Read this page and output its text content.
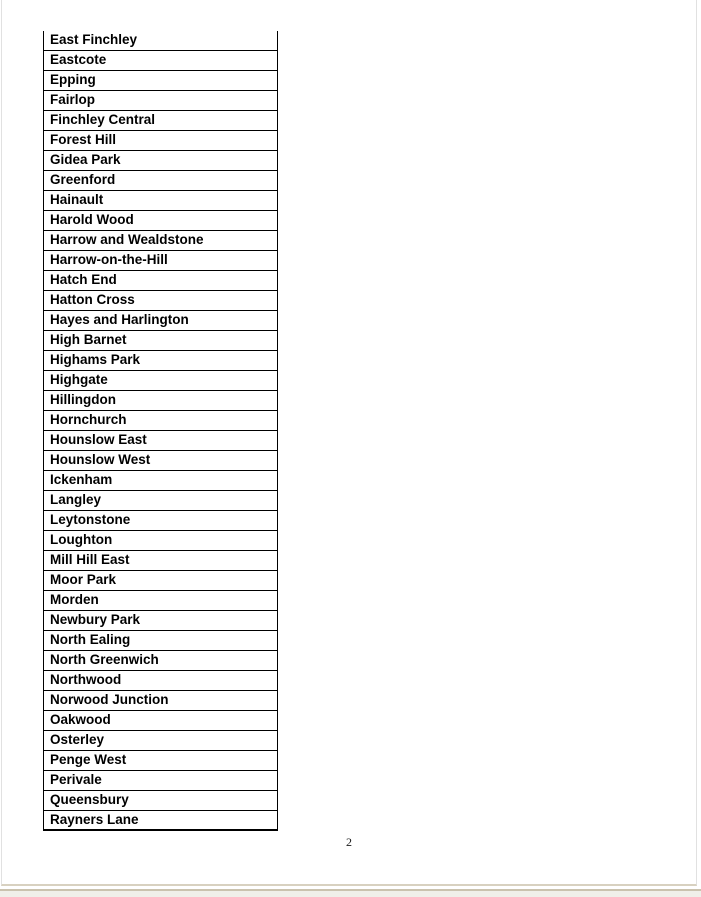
East Finchley
Eastcote
Epping
Fairlop
Finchley Central
Forest Hill
Gidea Park
Greenford
Hainault
Harold Wood
Harrow and Wealdstone
Harrow-on-the-Hill
Hatch End
Hatton Cross
Hayes and Harlington
High Barnet
Highams Park
Highgate
Hillingdon
Hornchurch
Hounslow East
Hounslow West
Ickenham
Langley
Leytonstone
Loughton
Mill Hill East
Moor Park
Morden
Newbury Park
North Ealing
North Greenwich
Northwood
Norwood Junction
Oakwood
Osterley
Penge West
Perivale
Queensbury
Rayners Lane
2
